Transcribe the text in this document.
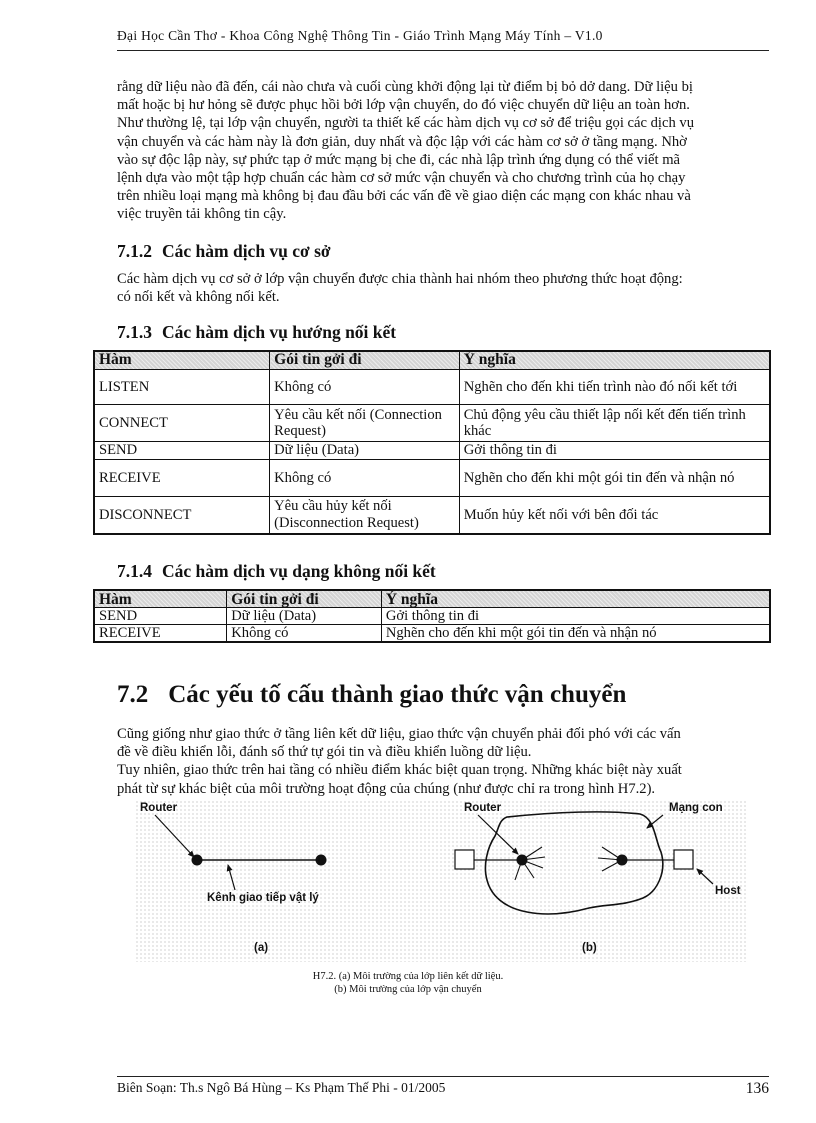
Đại Học Cần Thơ - Khoa Công Nghệ Thông Tin - Giáo Trình Mạng Máy Tính – V1.0
rằng dữ liệu nào đã đến, cái nào chưa và cuối cùng khởi động lại từ điểm bị bỏ dở dang. Dữ liệu bị
mất hoặc bị hư hỏng sẽ được phục hồi bởi lớp vận chuyển, do đó việc chuyển dữ liệu an toàn hơn.
Như thường lệ, tại lớp vận chuyển, người ta thiết kế các hàm dịch vụ cơ sở để triệu gọi các dịch vụ
vận chuyển và các hàm này là đơn giản, duy nhất và độc lập với các hàm cơ sở ở tầng mạng. Nhờ
vào sự độc lập này, sự phức tạp ở mức mạng bị che đi, các nhà lập trình ứng dụng có thể viết mã
lệnh dựa vào một tập hợp chuẩn các hàm cơ sở mức vận chuyển và cho chương trình của họ chạy
trên nhiều loại mạng mà không bị đau đầu bởi các vấn đề về giao diện các mạng con khác nhau và
việc truyền tải không tin cậy.
7.1.2 Các hàm dịch vụ cơ sở
Các hàm dịch vụ cơ sở ở lớp vận chuyển được chia thành hai nhóm theo phương thức hoạt động:
có nối kết và không nối kết.
7.1.3 Các hàm dịch vụ hướng nối kết
Hàm	Gói tin gởi đi	Ý nghĩa
LISTEN	Không có	Nghẽn cho đến khi tiến trình nào đó nối kết tới
CONNECT	Yêu cầu kết nối (Connection Request)	Chủ động yêu cầu thiết lập nối kết đến tiến trình khác
SEND	Dữ liệu (Data)	Gởi thông tin đi
RECEIVE	Không có	Nghẽn cho đến khi một gói tin đến và nhận nó
DISCONNECT	Yêu cầu hủy kết nối (Disconnection Request)	Muốn hủy kết nối với bên đối tác
7.1.4 Các hàm dịch vụ dạng không nối kết
Hàm	Gói tin gởi đi	Ý nghĩa
SEND	Dữ liệu (Data)	Gởi thông tin đi
RECEIVE	Không có	Nghẽn cho đến khi một gói tin đến và nhận nó
7.2 Các yếu tố cấu thành giao thức vận chuyển
Cũng giống như giao thức ở tầng liên kết dữ liệu, giao thức vận chuyển phải đối phó với các vấn
đề về điều khiển lỗi, đánh số thứ tự gói tin và điều khiển luồng dữ liệu.
Tuy nhiên, giao thức trên hai tầng có nhiều điểm khác biệt quan trọng. Những khác biệt này xuất
phát từ sự khác biệt của môi trường hoạt động của chúng (như được chỉ ra trong hình H7.2).
Router
Kênh giao tiếp vật lý
(a)
Router	Mạng con
Host
(b)
H7.2. (a) Môi trường của lớp liên kết dữ liệu.
(b) Môi trường của lớp vận chuyển
Biên Soạn: Th.s Ngô Bá Hùng – Ks Phạm Thế Phi - 01/2005	136
